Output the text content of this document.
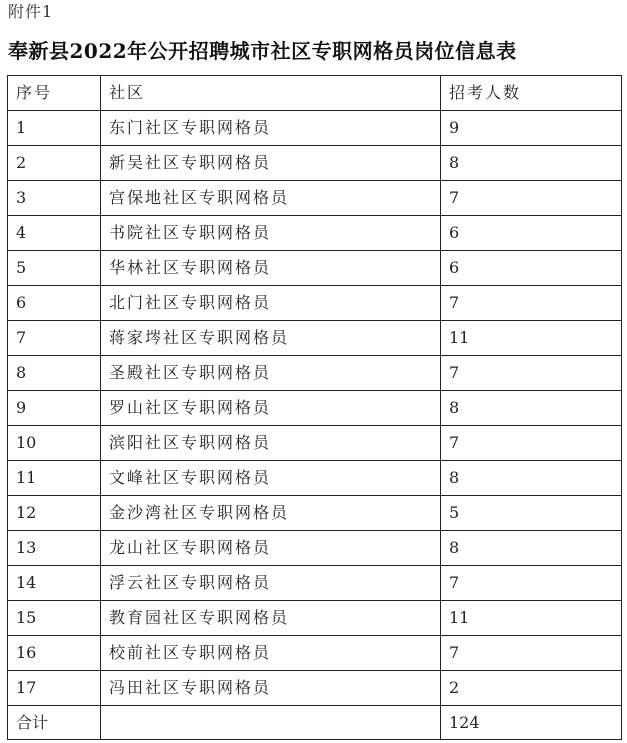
附件1
奉新县2022年公开招聘城市社区专职网格员岗位信息表
序号	社区	招考人数
1	东门社区专职网格员	9
2	新吴社区专职网格员	8
3	宫保地社区专职网格员	7
4	书院社区专职网格员	6
5	华林社区专职网格员	6
6	北门社区专职网格员	7
7	蒋家埁社区专职网格员	11
8	圣殿社区专职网格员	7
9	罗山社区专职网格员	8
10	滨阳社区专职网格员	7
11	文峰社区专职网格员	8
12	金沙湾社区专职网格员	5
13	龙山社区专职网格员	8
14	浮云社区专职网格员	7
15	教育园社区专职网格员	11
16	校前社区专职网格员	7
17	冯田社区专职网格员	2
合计		124
